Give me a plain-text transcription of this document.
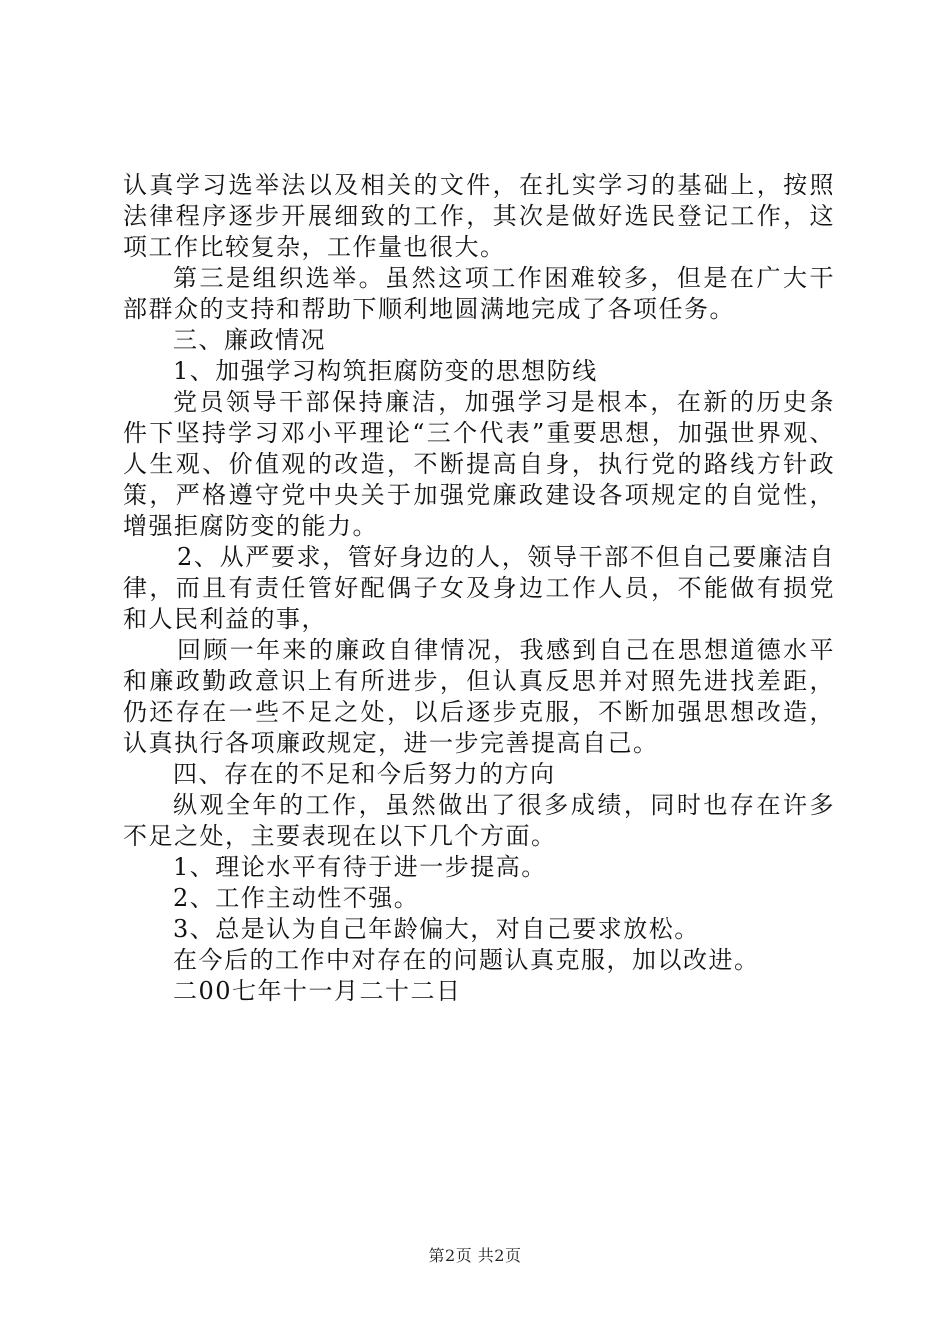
认真学习选举法以及相关的文件，在扎实学习的基础上，按照法律程序逐步开展细致的工作，其次是做好选民登记工作，这项工作比较复杂，工作量也很大。

第三是组织选举。虽然这项工作困难较多，但是在广大干部群众的支持和帮助下顺利地圆满地完成了各项任务。

三、廉政情况

1、加强学习构筑拒腐防变的思想防线

党员领导干部保持廉洁，加强学习是根本，在新的历史条件下坚持学习邓小平理论“三个代表”重要思想，加强世界观、人生观、价值观的改造，不断提高自身，执行党的路线方针政策，严格遵守党中央关于加强党廉政建设各项规定的自觉性，增强拒腐防变的能力。

2、从严要求，管好身边的人，领导干部不但自己要廉洁自律，而且有责任管好配偶子女及身边工作人员，不能做有损党和人民利益的事，

回顾一年来的廉政自律情况，我感到自己在思想道德水平和廉政勤政意识上有所进步，但认真反思并对照先进找差距，仍还存在一些不足之处，以后逐步克服，不断加强思想改造，认真执行各项廉政规定，进一步完善提高自己。

四、存在的不足和今后努力的方向

纵观全年的工作，虽然做出了很多成绩，同时也存在许多不足之处，主要表现在以下几个方面。

1、理论水平有待于进一步提高。

2、工作主动性不强。

3、总是认为自己年龄偏大，对自己要求放松。

在今后的工作中对存在的问题认真克服，加以改进。

二00七年十一月二十二日

第2页 共2页
